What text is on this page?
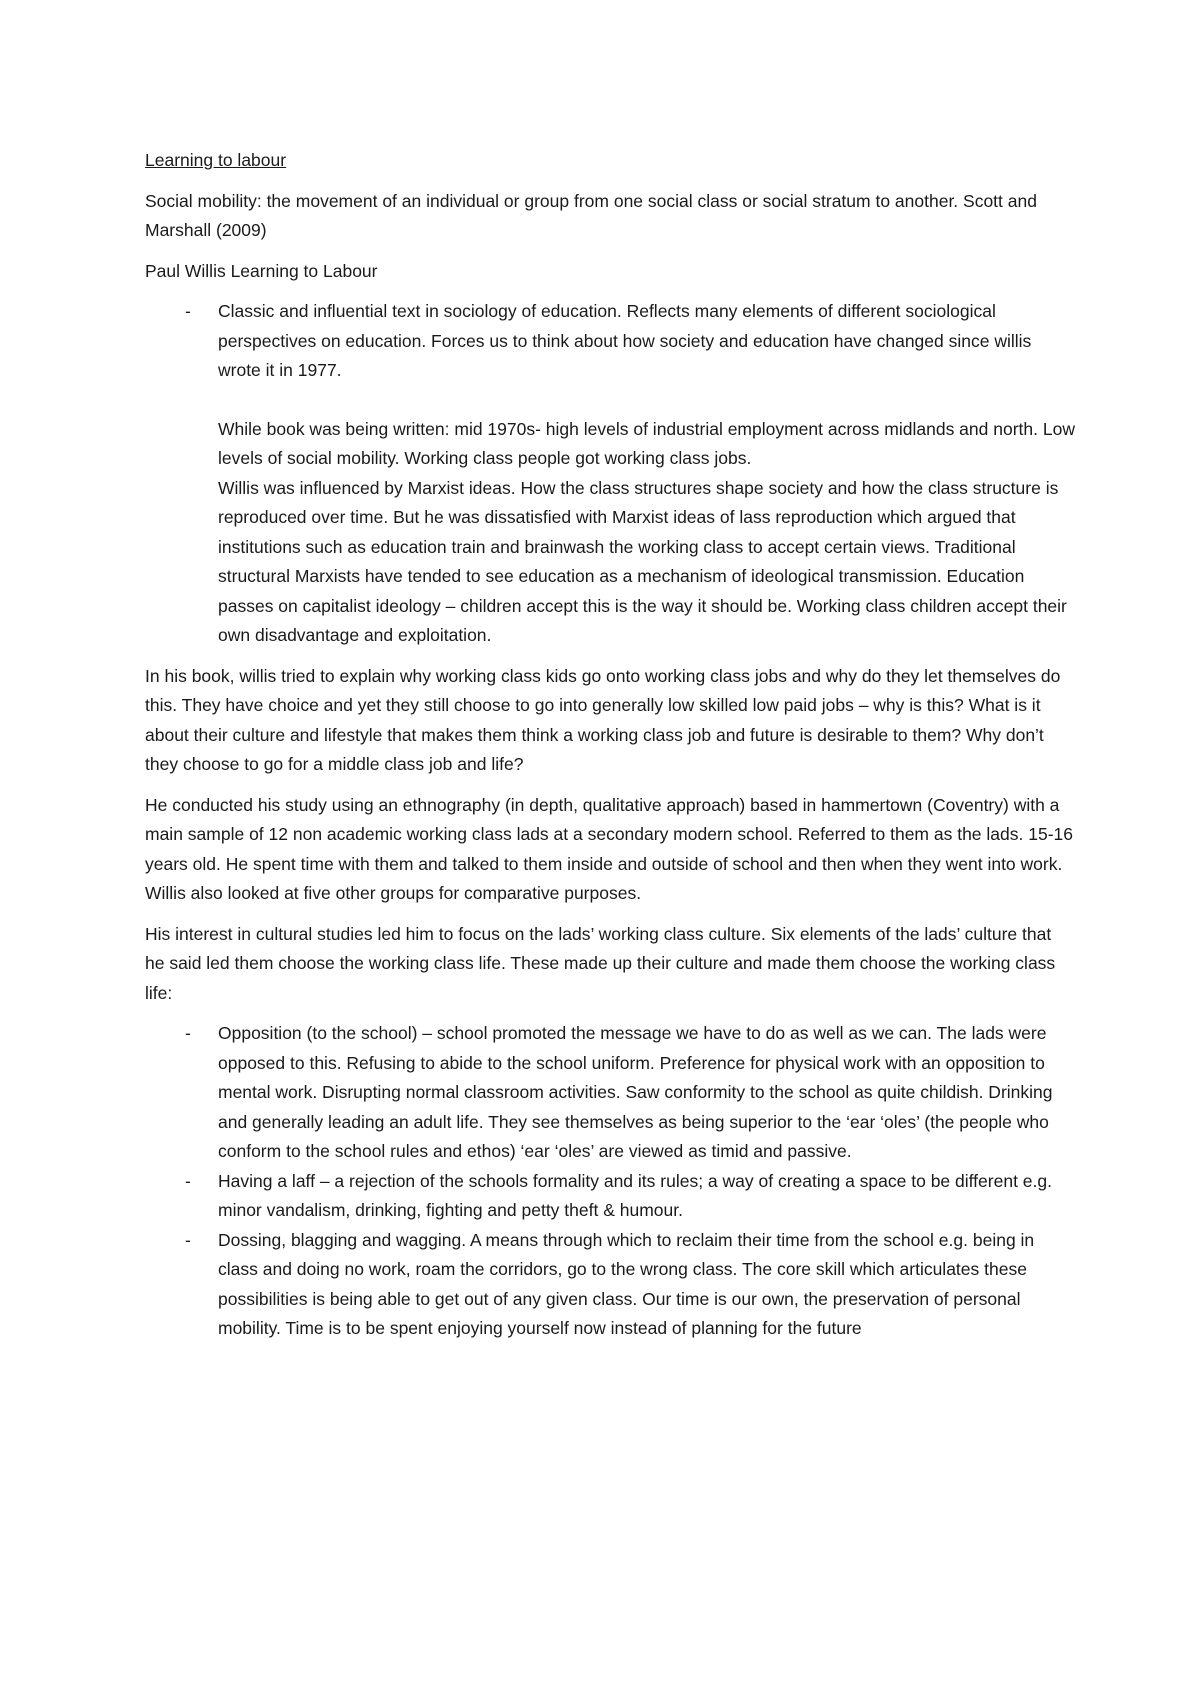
Learning to labour

Social mobility: the movement of an individual or group from one social class or social stratum to another. Scott and Marshall (2009)

Paul Willis Learning to Labour

- Classic and influential text in sociology of education. Reflects many elements of different sociological perspectives on education. Forces us to think about how society and education have changed since willis wrote it in 1977.

While book was being written: mid 1970s- high levels of industrial employment across midlands and north. Low levels of social mobility. Working class people got working class jobs.

Willis was influenced by Marxist ideas. How the class structures shape society and how the class structure is reproduced over time. But he was dissatisfied with Marxist ideas of lass reproduction which argued that institutions such as education train and brainwash the working class to accept certain views. Traditional structural Marxists have tended to see education as a mechanism of ideological transmission. Education passes on capitalist ideology – children accept this is the way it should be. Working class children accept their own disadvantage and exploitation.

In his book, willis tried to explain why working class kids go onto working class jobs and why do they let themselves do this. They have choice and yet they still choose to go into generally low skilled low paid jobs – why is this? What is it about their culture and lifestyle that makes them think a working class job and future is desirable to them? Why don’t they choose to go for a middle class job and life?

He conducted his study using an ethnography (in depth, qualitative approach) based in hammertown (Coventry) with a main sample of 12 non academic working class lads at a secondary modern school. Referred to them as the lads. 15-16 years old. He spent time with them and talked to them inside and outside of school and then when they went into work. Willis also looked at five other groups for comparative purposes.

His interest in cultural studies led him to focus on the lads’ working class culture. Six elements of the lads’ culture that he said led them choose the working class life. These made up their culture and made them choose the working class life:

- Opposition (to the school) – school promoted the message we have to do as well as we can. The lads were opposed to this. Refusing to abide to the school uniform. Preference for physical work with an opposition to mental work. Disrupting normal classroom activities. Saw conformity to the school as quite childish. Drinking and generally leading an adult life. They see themselves as being superior to the ‘ear ‘oles’ (the people who conform to the school rules and ethos) ‘ear ‘oles’ are viewed as timid and passive.
- Having a laff – a rejection of the schools formality and its rules; a way of creating a space to be different e.g. minor vandalism, drinking, fighting and petty theft & humour.
- Dossing, blagging and wagging. A means through which to reclaim their time from the school e.g. being in class and doing no work, roam the corridors, go to the wrong class. The core skill which articulates these possibilities is being able to get out of any given class. Our time is our own, the preservation of personal mobility. Time is to be spent enjoying yourself now instead of planning for the future
